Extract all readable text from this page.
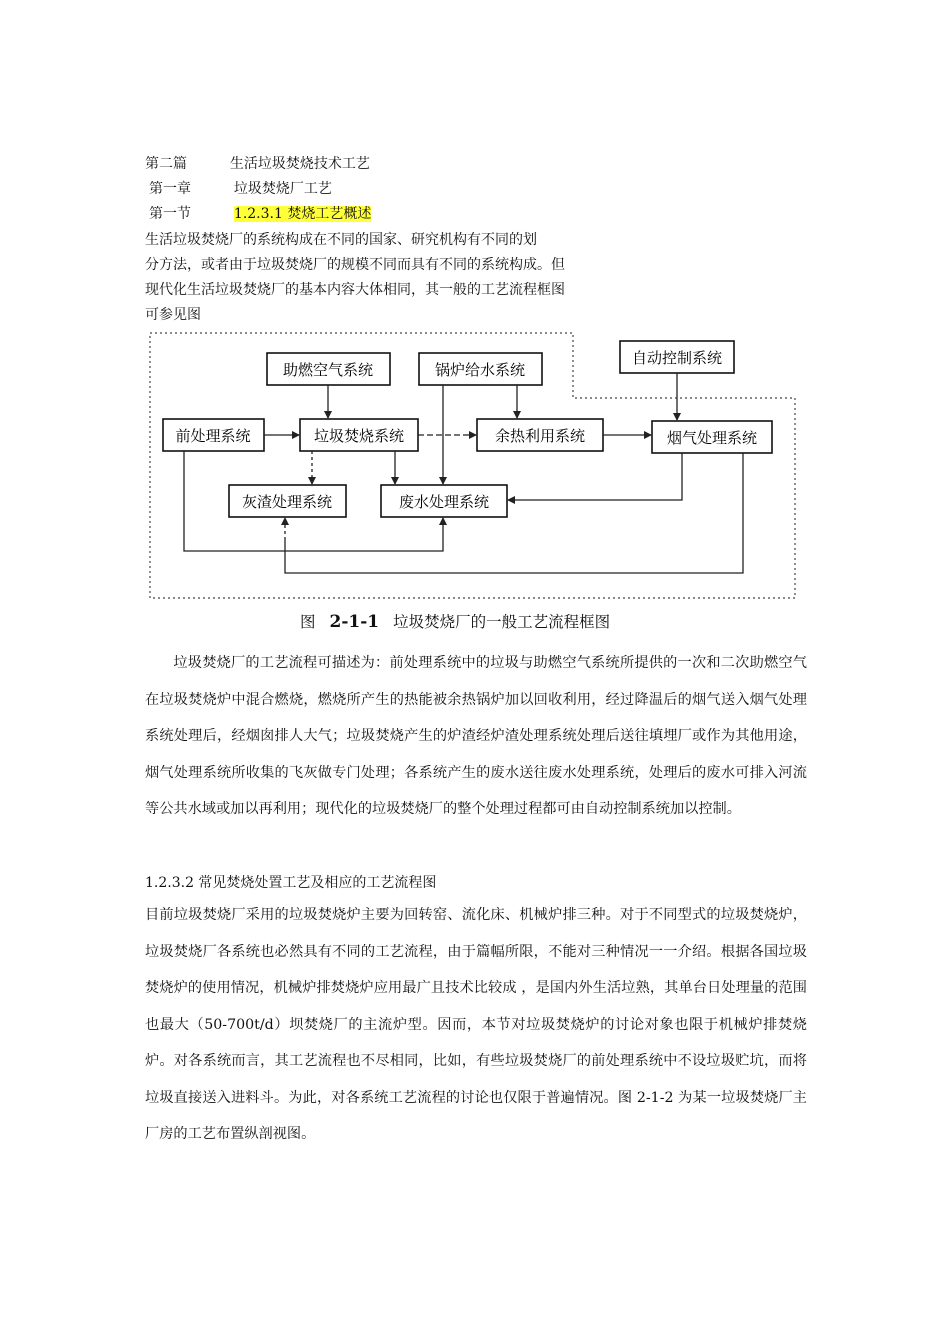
第二篇	生活垃圾焚烧技术工艺
第一章	垃圾焚烧厂工艺
第一节	1.2.3.1 焚烧工艺概述
生活垃圾焚烧厂的系统构成在不同的国家、研究机构有不同的划
分方法，或者由于垃圾焚烧厂的规模不同而具有不同的系统构成。但
现代化生活垃圾焚烧厂的基本内容大体相同，其一般的工艺流程框图
可参见图
助燃空气系统	锅炉给水系统
自动控制系统
前处理系统	垃圾焚烧系统	余热利用系统	烟气处理系统
灰渣处理系统	废水处理系统
图 2-1-1 垃圾焚烧厂的一般工艺流程框图
垃圾焚烧厂的工艺流程可描述为：前处理系统中的垃圾与助燃空气系统所提供的一次和二次助燃空气在垃圾焚烧炉中混合燃烧，燃烧所产生的热能被余热锅炉加以回收利用，经过降温后的烟气送入烟气处理系统处理后，经烟囱排人大气；垃圾焚烧产生的炉渣经炉渣处理系统处理后送往填埋厂或作为其他用途，烟气处理系统所收集的飞灰做专门处理；各系统产生的废水送往废水处理系统，处理后的废水可排入河流等公共水域或加以再利用；现代化的垃圾焚烧厂的整个处理过程都可由自动控制系统加以控制。
1.2.3.2 常见焚烧处置工艺及相应的工艺流程图
目前垃圾焚烧厂采用的垃圾焚烧炉主要为回转窑、流化床、机械炉排三种。对于不同型式的垃圾焚烧炉，垃圾焚烧厂各系统也必然具有不同的工艺流程，由于篇幅所限，不能对三种情况一一介绍。根据各国垃圾焚烧炉的使用情况，机械炉排焚烧炉应用最广且技术比较成 ，是国内外生活垃熟，其单台日处理量的范围也最大（50-700t/d）坝焚烧厂的主流炉型。因而，本节对垃圾焚烧炉的讨论对象也限于机械炉排焚烧炉。对各系统而言，其工艺流程也不尽相同，比如，有些垃圾焚烧厂的前处理系统中不设垃圾贮坑，而将垃圾直接送入进料斗。为此，对各系统工艺流程的讨论也仅限于普遍情况。图 2-1-2 为某一垃圾焚烧厂主厂房的工艺布置纵剖视图。
